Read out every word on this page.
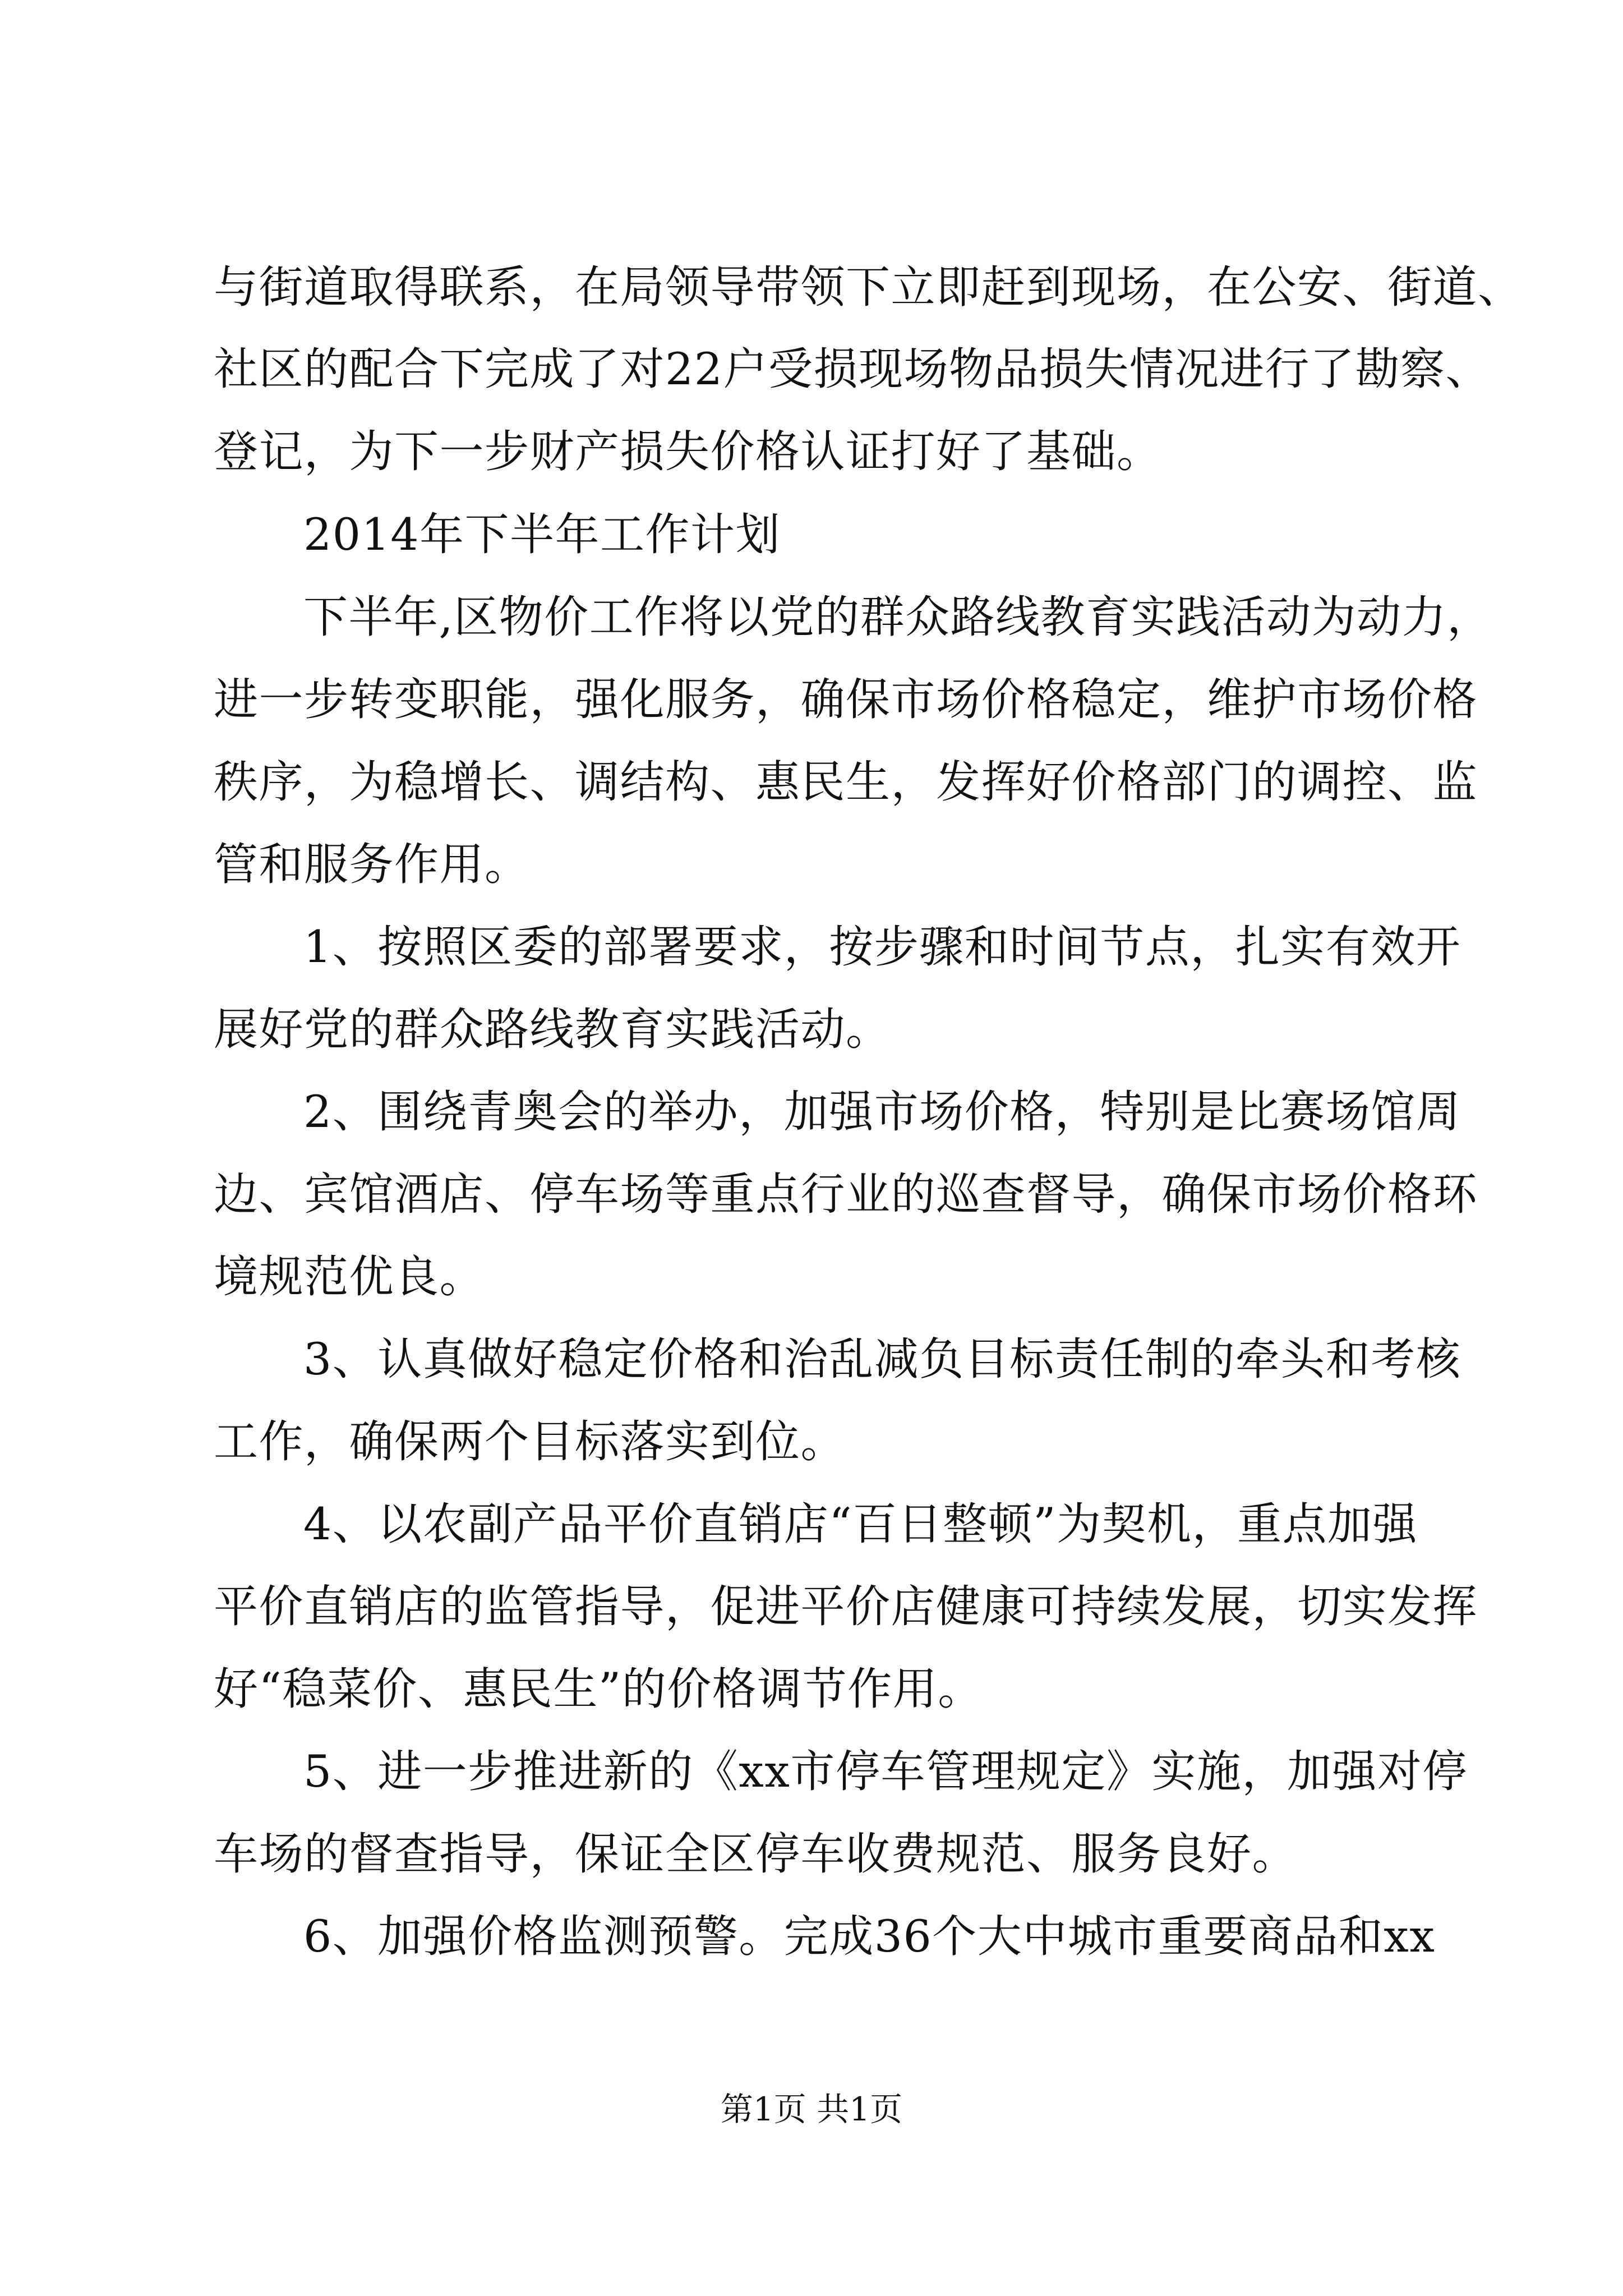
与街道取得联系，在局领导带领下立即赶到现场，在公安、街道、
社区的配合下完成了对22户受损现场物品损失情况进行了勘察、
登记，为下一步财产损失价格认证打好了基础。
2014年下半年工作计划
下半年,区物价工作将以党的群众路线教育实践活动为动力，
进一步转变职能，强化服务，确保市场价格稳定，维护市场价格
秩序，为稳增长、调结构、惠民生，发挥好价格部门的调控、监
管和服务作用。
1、按照区委的部署要求，按步骤和时间节点，扎实有效开
展好党的群众路线教育实践活动。
2、围绕青奥会的举办，加强市场价格，特别是比赛场馆周
边、宾馆酒店、停车场等重点行业的巡查督导，确保市场价格环
境规范优良。
3、认真做好稳定价格和治乱减负目标责任制的牵头和考核
工作，确保两个目标落实到位。
4、以农副产品平价直销店“百日整顿”为契机，重点加强
平价直销店的监管指导，促进平价店健康可持续发展，切实发挥
好“稳菜价、惠民生”的价格调节作用。
5、进一步推进新的《xx市停车管理规定》实施，加强对停
车场的督查指导，保证全区停车收费规范、服务良好。
6、加强价格监测预警。完成36个大中城市重要商品和xx
第1页 共1页
